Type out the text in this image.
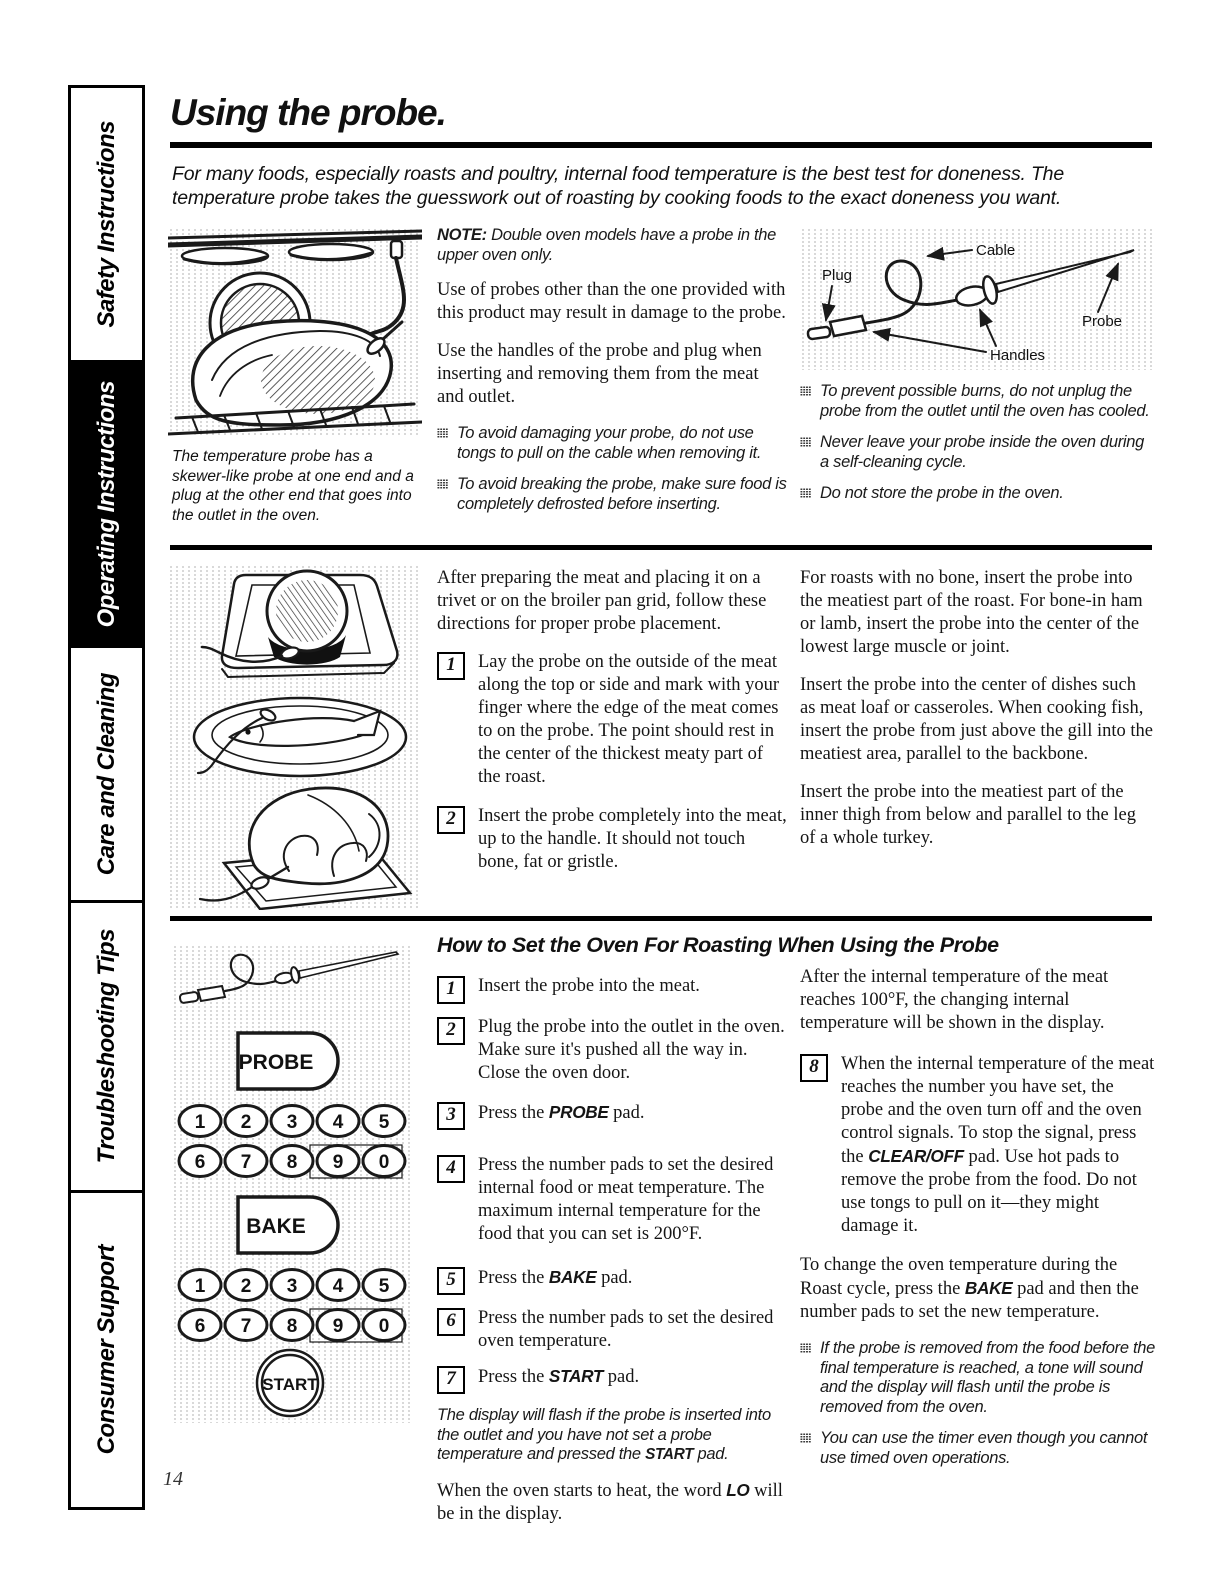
Safety Instructions
Operating Instructions
Care and Cleaning
Troubleshooting Tips
Consumer Support
Using the probe.

For many foods, especially roasts and poultry, internal food temperature is the best test for doneness. The temperature probe takes the guesswork out of roasting by cooking foods to the exact doneness you want.

The temperature probe has a skewer-like probe at one end and a plug at the other end that goes into the outlet in the oven.

NOTE: Double oven models have a probe in the upper oven only.

Use of probes other than the one provided with this product may result in damage to the probe.

Use the handles of the probe and plug when inserting and removing them from the meat and outlet.

To avoid damaging your probe, do not use tongs to pull on the cable when removing it.
To avoid breaking the probe, make sure food is completely defrosted before inserting.
Plug
Cable
Probe
Handles
To prevent possible burns, do not unplug the probe from the outlet until the oven has cooled.
Never leave your probe inside the oven during a self-cleaning cycle.
Do not store the probe in the oven.

After preparing the meat and placing it on a trivet or on the broiler pan grid, follow these directions for proper probe placement.

1	Lay the probe on the outside of the meat along the top or side and mark with your finger where the edge of the meat comes to on the probe. The point should rest in the center of the thickest meaty part of the roast.
2	Insert the probe completely into the meat, up to the handle. It should not touch bone, fat or gristle.

For roasts with no bone, insert the probe into the meatiest part of the roast. For bone-in ham or lamb, insert the probe into the center of the lowest large muscle or joint.

Insert the probe into the center of dishes such as meat loaf or casseroles. When cooking fish, insert the probe from just above the gill into the meatiest area, parallel to the backbone.

Insert the probe into the meatiest part of the inner thigh from below and parallel to the leg of a whole turkey.

How to Set the Oven For Roasting When Using the Probe
PROBE
1 2 3 4 5
6 7 8 9 0
BAKE
1 2 3 4 5
6 7 8 9 0
START
1	Insert the probe into the meat.
2	Plug the probe into the outlet in the oven. Make sure it's pushed all the way in. Close the oven door.
3	Press the PROBE pad.
4	Press the number pads to set the desired internal food or meat temperature. The maximum internal temperature for the food that you can set is 200°F.
5	Press the BAKE pad.
6	Press the number pads to set the desired oven temperature.
7	Press the START pad.

The display will flash if the probe is inserted into the outlet and you have not set a probe temperature and pressed the START pad.

When the oven starts to heat, the word LO will be in the display.

After the internal temperature of the meat reaches 100°F, the changing internal temperature will be shown in the display.

8	When the internal temperature of the meat reaches the number you have set, the probe and the oven turn off and the oven control signals. To stop the signal, press the CLEAR/OFF pad. Use hot pads to remove the probe from the food. Do not use tongs to pull on it—they might damage it.

To change the oven temperature during the Roast cycle, press the BAKE pad and then the number pads to set the new temperature.

If the probe is removed from the food before the final temperature is reached, a tone will sound and the display will flash until the probe is removed from the oven.
You can use the timer even though you cannot use timed oven operations.
14
